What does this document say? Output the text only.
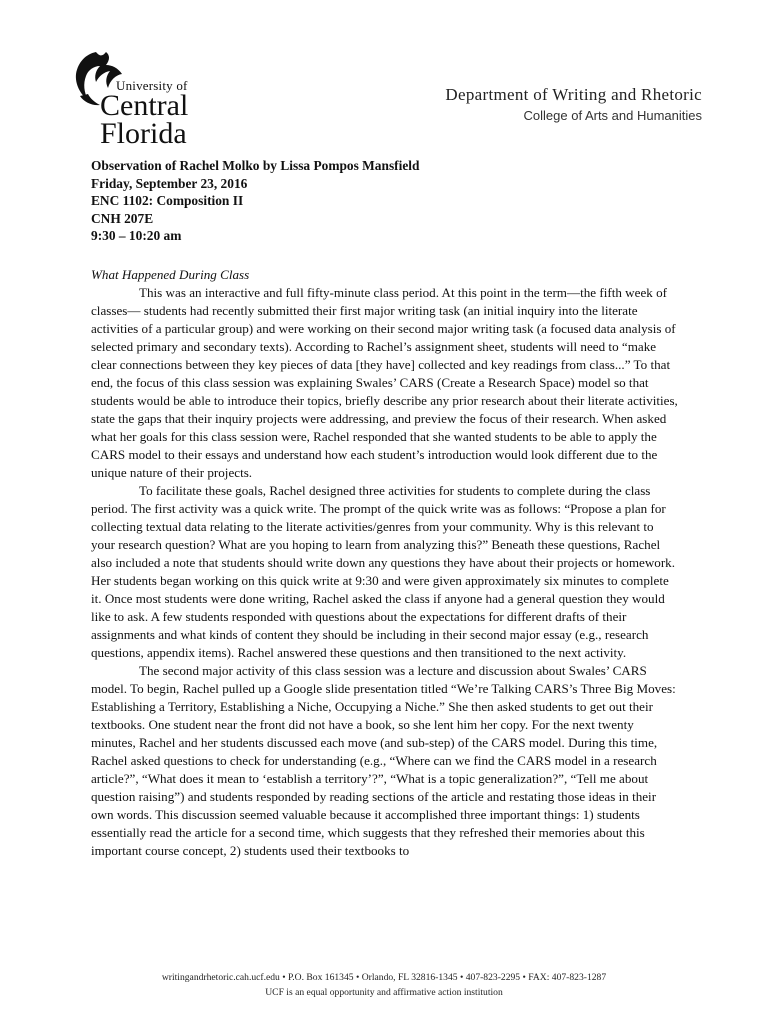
University of
Central
Florida
Department of Writing and Rhetoric
College of Arts and Humanities
Observation of Rachel Molko by Lissa Pompos Mansfield
Friday, September 23, 2016
ENC 1102: Composition II
CNH 207E
9:30 – 10:20 am
What Happened During Class

This was an interactive and full fifty-minute class period. At this point in the term—the fifth week of classes— students had recently submitted their first major writing task (an initial inquiry into the literate activities of a particular group) and were working on their second major writing task (a focused data analysis of selected primary and secondary texts). According to Rachel’s assignment sheet, students will need to “make clear connections between they key pieces of data [they have] collected and key readings from class...” To that end, the focus of this class session was explaining Swales’ CARS (Create a Research Space) model so that students would be able to introduce their topics, briefly describe any prior research about their literate activities, state the gaps that their inquiry projects were addressing, and preview the focus of their research. When asked what her goals for this class session were, Rachel responded that she wanted students to be able to apply the CARS model to their essays and understand how each student’s introduction would look different due to the unique nature of their projects.

To facilitate these goals, Rachel designed three activities for students to complete during the class period. The first activity was a quick write. The prompt of the quick write was as follows: “Propose a plan for collecting textual data relating to the literate activities/genres from your community. Why is this relevant to your research question? What are you hoping to learn from analyzing this?” Beneath these questions, Rachel also included a note that students should write down any questions they have about their projects or homework. Her students began working on this quick write at 9:30 and were given approximately six minutes to complete it. Once most students were done writing, Rachel asked the class if anyone had a general question they would like to ask. A few students responded with questions about the expectations for different drafts of their assignments and what kinds of content they should be including in their second major essay (e.g., research questions, appendix items). Rachel answered these questions and then transitioned to the next activity.

The second major activity of this class session was a lecture and discussion about Swales’ CARS model. To begin, Rachel pulled up a Google slide presentation titled “We’re Talking CARS’s Three Big Moves: Establishing a Territory, Establishing a Niche, Occupying a Niche.” She then asked students to get out their textbooks. One student near the front did not have a book, so she lent him her copy. For the next twenty minutes, Rachel and her students discussed each move (and sub-step) of the CARS model. During this time, Rachel asked questions to check for understanding (e.g., “Where can we find the CARS model in a research article?”, “What does it mean to ‘establish a territory’?”, “What is a topic generalization?”, “Tell me about question raising”) and students responded by reading sections of the article and restating those ideas in their own words. This discussion seemed valuable because it accomplished three important things: 1) students essentially read the article for a second time, which suggests that they refreshed their memories about this important course concept, 2) students used their textbooks to

writingandrhetoric.cah.ucf.edu • P.O. Box 161345 • Orlando, FL 32816-1345 • 407-823-2295 • FAX: 407-823-1287
UCF is an equal opportunity and affirmative action institution
